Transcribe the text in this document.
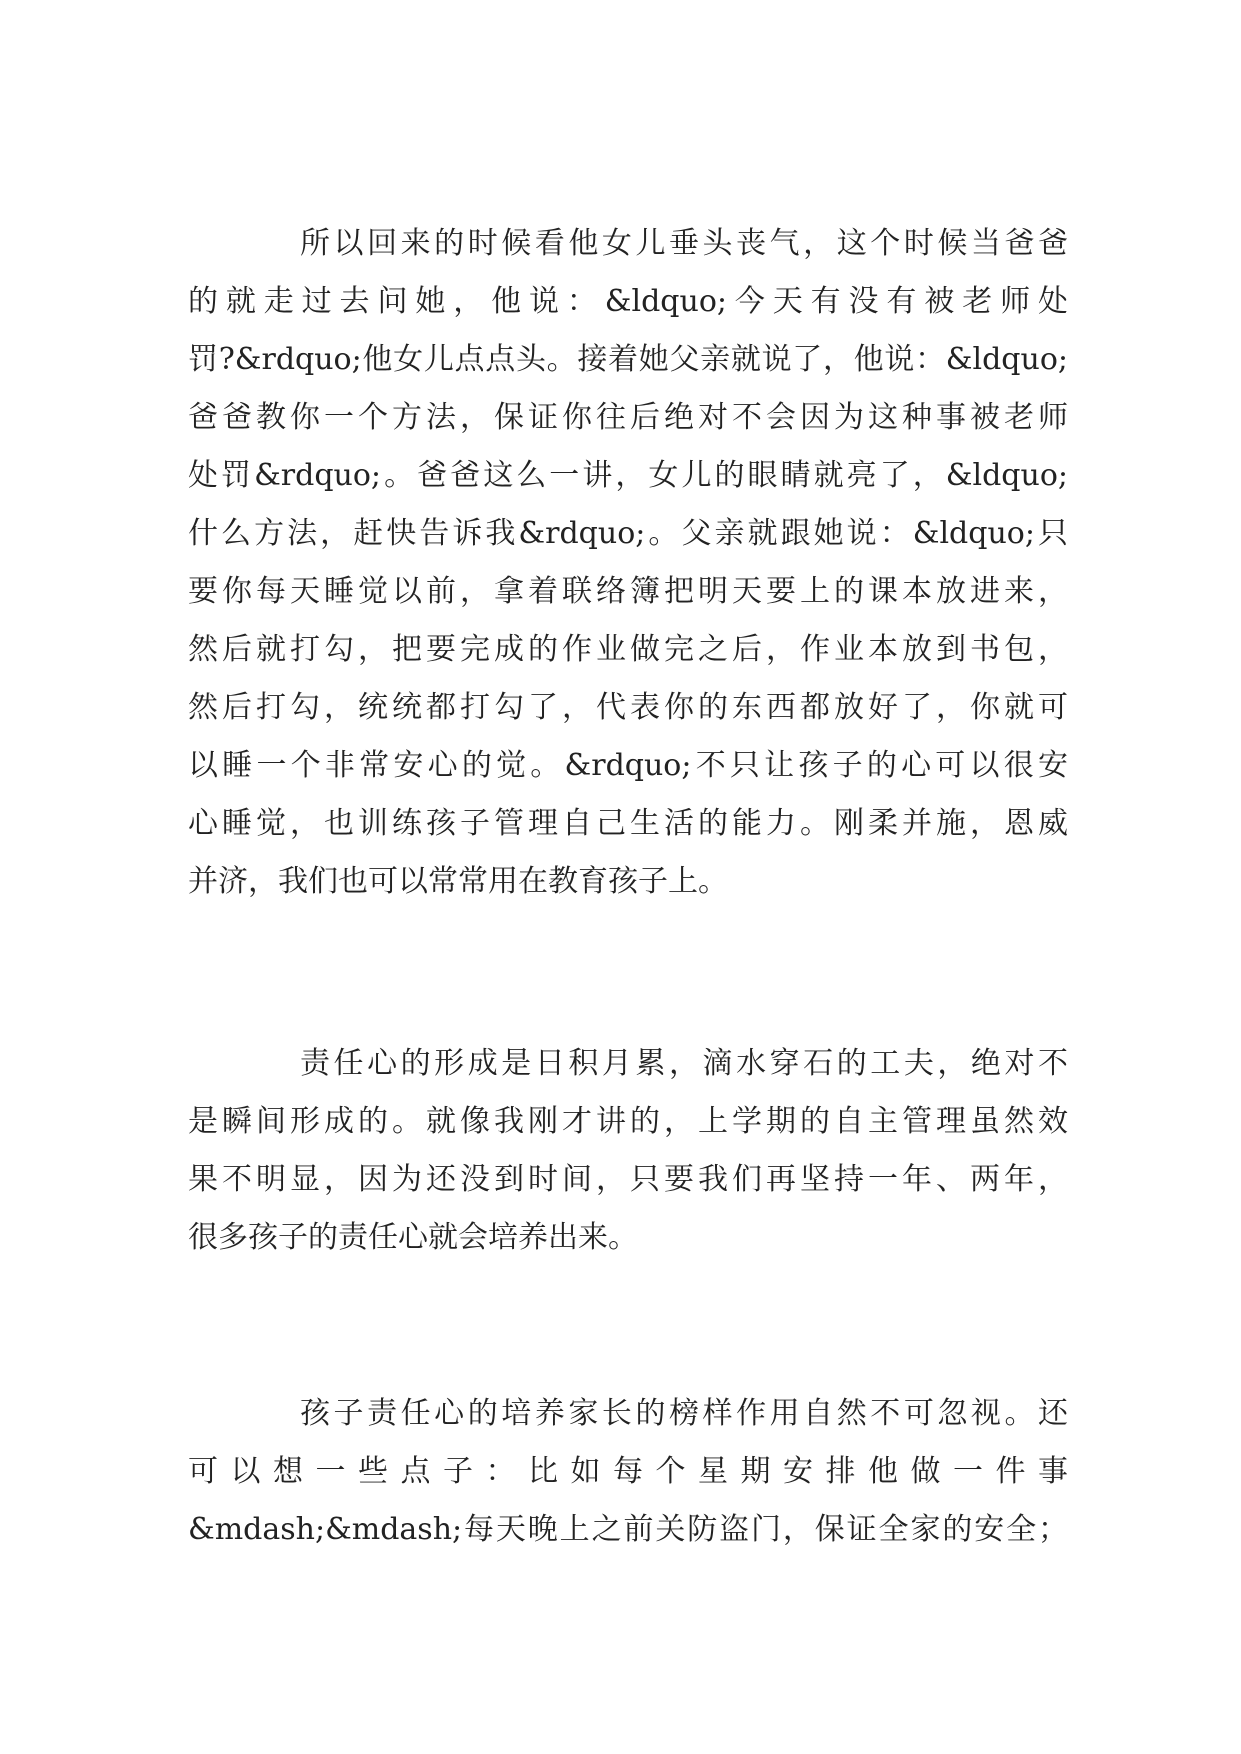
所以回来的时候看他女儿垂头丧气，这个时候当爸爸
的就走过去问她，他说：&ldquo;今天有没有被老师处
罚?&rdquo;他女儿点点头。接着她父亲就说了，他说：&ldquo;
爸爸教你一个方法，保证你往后绝对不会因为这种事被老师
处罚&rdquo;。爸爸这么一讲，女儿的眼睛就亮了，&ldquo;
什么方法，赶快告诉我&rdquo;。父亲就跟她说：&ldquo;只
要你每天睡觉以前，拿着联络簿把明天要上的课本放进来，
然后就打勾，把要完成的作业做完之后，作业本放到书包，
然后打勾，统统都打勾了，代表你的东西都放好了，你就可
以睡一个非常安心的觉。&rdquo;不只让孩子的心可以很安
心睡觉，也训练孩子管理自己生活的能力。刚柔并施，恩威
并济，我们也可以常常用在教育孩子上。
责任心的形成是日积月累，滴水穿石的工夫，绝对不
是瞬间形成的。就像我刚才讲的，上学期的自主管理虽然效
果不明显，因为还没到时间，只要我们再坚持一年、两年，
很多孩子的责任心就会培养出来。
孩子责任心的培养家长的榜样作用自然不可忽视。还
可以想一些点子：比如每个星期安排他做一件事
&mdash;&mdash;每天晚上之前关防盗门，保证全家的安全；
